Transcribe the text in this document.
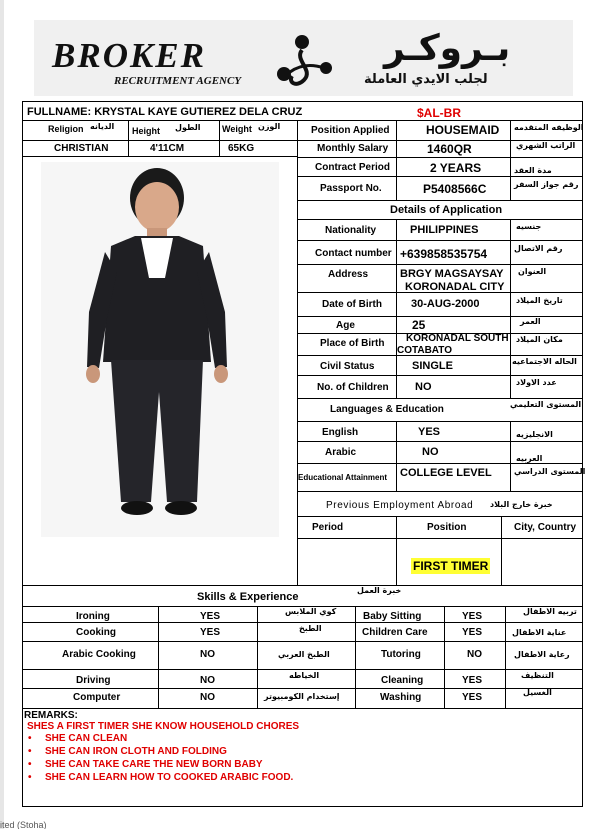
BROKER
RECRUITMENT AGENCY
بـروكـر
لجلب الايدي العاملة
FULLNAME: KRYSTAL KAYE GUTIEREZ DELA CRUZ	$AL-BR
Religion الديانه Height الطول Weight الوزن
CHRISTIAN	4'11CM	65KG
Position Applied	HOUSEMAID الوظيفه المتقدمه
Monthly Salary	1460QR	الراتب الشهري
Contract Period	2 YEARS	مدة العقد
Passport No.	P5408566C	رقم جواز السفر
Details of Application
Nationality	PHILIPPINES	جنسيه
Contact number +639858535754	رقم الاتصال
Address	BRGY MAGSAYSAY
KORONADAL CITY
العنوان
Date of Birth	30-AUG-2000	تاريخ الميلاد
Age	25	العمر
Place of Birth KORONADAL SOUTH
COTABATO
مكان الميلاد
Civil Status	SINGLE	الحاله الاجتماعيه
No. of Children NO	عدد الاولاد
Languages & Education	المستوى التعليمي
English	YES	الانجليزيه
Arabic	NO
العربيه
Educational Attainment COLLEGE LEVEL	المستوى الدراسي
Previous Employment Abroad خبرة خارج البلاد
Period	Position	City, Country
FIRST TIMER
Skills & Experience
خبرة العمل
Ironing	YES	كوي الملابس	Baby Sitting	YES	تربيه الاطفال
Cooking	YES	الطبخ	Children Care	YES	عناية الاطفال
Arabic Cooking	NO	الطبخ العربي	Tutoring	NO	رعاية الاطفال
Driving	NO	الخياطه	Cleaning	YES	التنظيف
Computer	NO	إستخدام الكومبيوتر	Washing	YES	الغسيل
REMARKS:
SHES A FIRST TIMER SHE KNOW HOUSEHOLD CHORES
• SHE CAN CLEAN
• SHE CAN IRON CLOTH AND FOLDING
• SHE CAN TAKE CARE THE NEW BORN BABY
• SHE CAN LEARN HOW TO COOKED ARABIC FOOD.
ited (Stoha)
